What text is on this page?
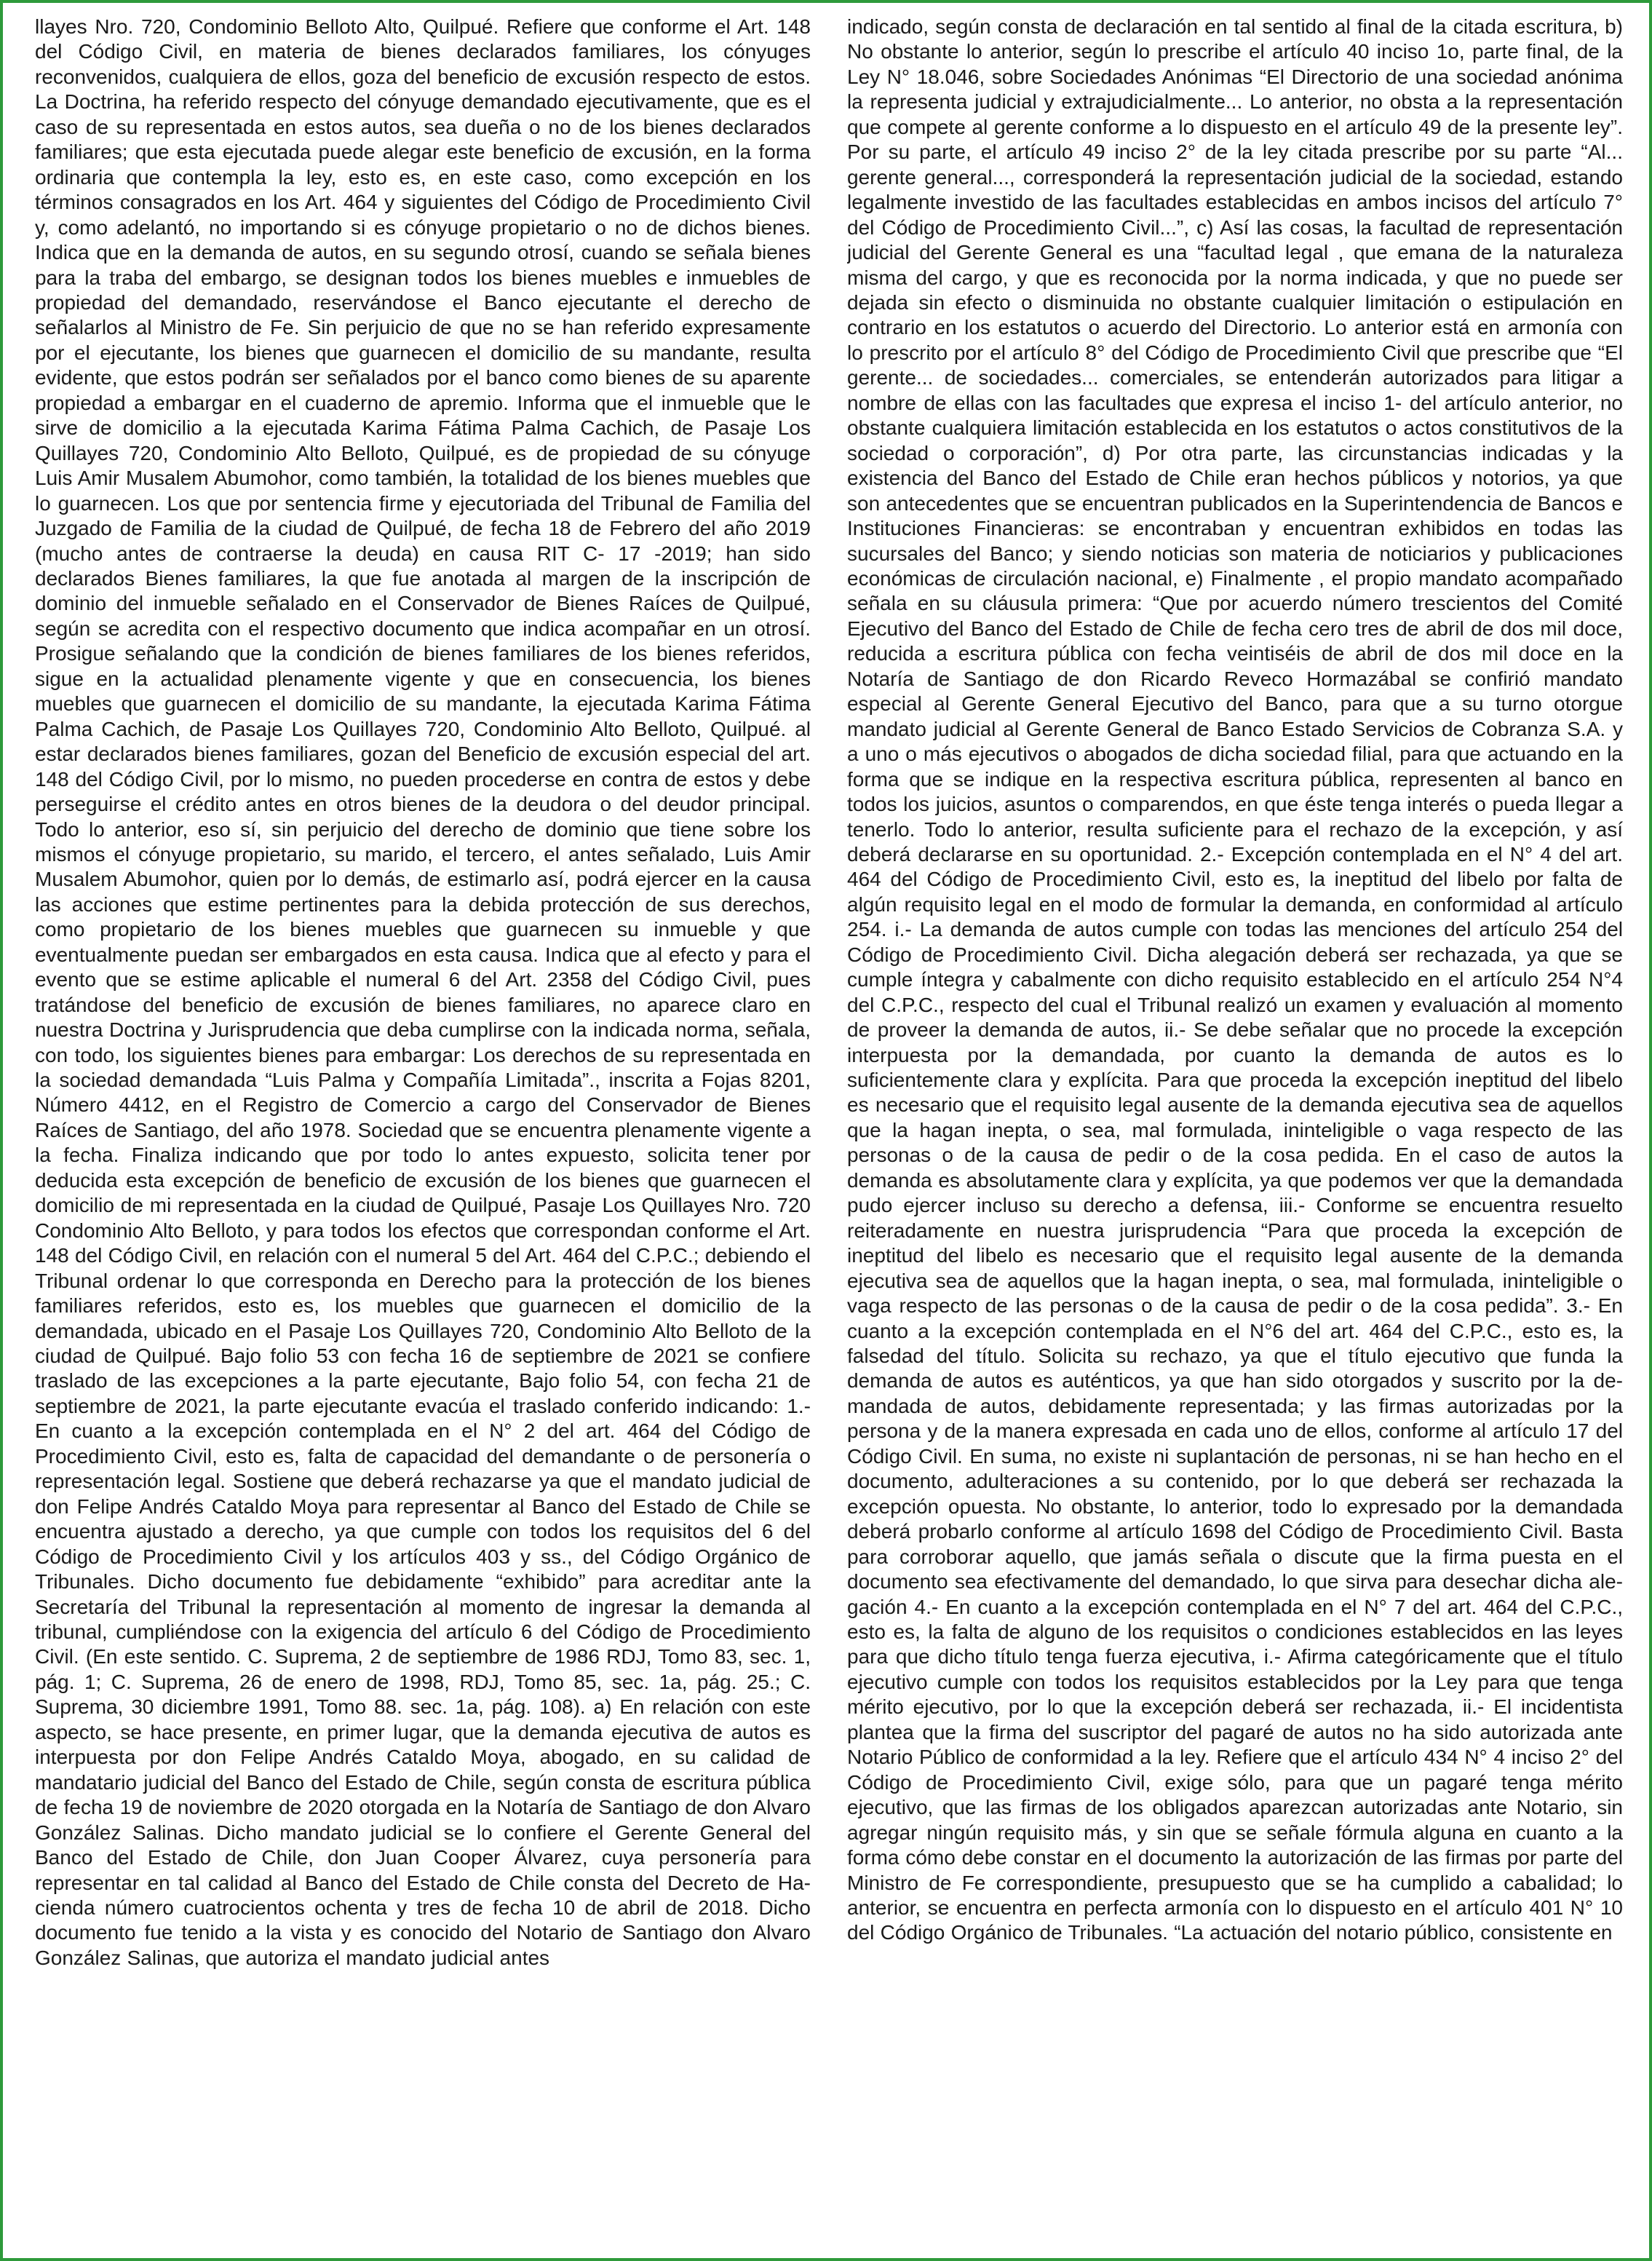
llayes Nro. 720, Condominio Belloto Alto, Quilpué. Refiere que conforme el Art. 148 del Código Civil, en materia de bienes declarados familiares, los cónyuges reconvenidos, cualquiera de ellos, goza del beneficio de excusión respecto de estos. La Doctrina, ha referido respecto del cónyuge demandado ejecutivamente, que es el caso de su representada en estos autos, sea dueña o no de los bienes declarados familiares; que esta ejecutada puede alegar este beneficio de excusión, en la forma ordinaria que contempla la ley, esto es, en este caso, como excepción en los términos consagrados en los Art. 464 y siguientes del Código de Procedimiento Civil y, como adelantó, no importando si es cónyuge propietario o no de dichos bienes. Indica que en la demanda de autos, en su segundo otrosí, cuando se señala bienes para la traba del embargo, se designan todos los bienes muebles e inmuebles de propiedad del demandado, reservándose el Banco ejecutante el derecho de señalarlos al Ministro de Fe. Sin perjuicio de que no se han referido expresamente por el ejecutante, los bienes que guarnecen el domicilio de su mandante, resulta evidente, que estos podrán ser señalados por el banco como bienes de su aparente propiedad a embargar en el cuaderno de apremio. Informa que el inmueble que le sirve de domicilio a la ejecutada Karima Fátima Palma Cachich, de Pasaje Los Quillayes 720, Condominio Alto Belloto, Quilpué, es de propiedad de su cónyuge Luis Amir Musalem Abumohor, como también, la totalidad de los bienes muebles que lo guarnecen. Los que por sentencia firme y ejecutoriada del Tribunal de Familia del Juzgado de Familia de la ciudad de Quilpué, de fecha 18 de Febrero del año 2019 (mucho antes de contraerse la deuda) en causa RIT C- 17 -2019; han sido declarados Bienes familiares, la que fue anotada al margen de la inscripción de dominio del inmueble señalado en el Conservador de Bienes Raíces de Quilpué, según se acredita con el respectivo documento que indica acompañar en un otrosí. Prosigue señalando que la condición de bienes familiares de los bienes referidos, sigue en la actualidad plenamente vigente y que en consecuencia, los bienes muebles que guarnecen el domicilio de su mandante, la ejecutada Karima Fátima Palma Cachich, de Pasaje Los Quillayes 720, Condominio Alto Belloto, Quilpué. al estar declarados bienes familiares, gozan del Beneficio de excusión especial del art. 148 del Código Civil, por lo mismo, no pueden procederse en contra de estos y debe perseguirse el crédito antes en otros bienes de la deudora o del deudor principal. Todo lo anterior, eso sí, sin perjuicio del derecho de dominio que tiene sobre los mismos el cónyuge propietario, su marido, el tercero, el antes señalado, Luis Amir Musalem Abumohor, quien por lo demás, de estimarlo así, podrá ejercer en la causa las acciones que estime pertinentes para la debida protección de sus derechos, como propietario de los bienes muebles que guarnecen su inmueble y que eventualmente puedan ser embargados en esta causa. Indica que al efecto y para el evento que se estime aplicable el numeral 6 del Art. 2358 del Código Civil, pues tratándose del beneficio de excusión de bienes familiares, no aparece claro en nuestra Doctrina y Jurisprudencia que deba cumplirse con la indicada norma, señala, con todo, los siguientes bienes para embargar: Los derechos de su representada en la sociedad demandada “Luis Palma y Compañía Limitada”., inscrita a Fojas 8201, Número 4412, en el Registro de Comercio a cargo del Conservador de Bienes Raíces de Santiago, del año 1978. Sociedad que se encuentra plenamente vigente a la fecha. Finaliza indicando que por todo lo antes expuesto, solicita tener por deducida esta excepción de beneficio de excusión de los bienes que guarnecen el domicilio de mi representada en la ciudad de Quilpué, Pasaje Los Quillayes Nro. 720 Condominio Alto Belloto, y para todos los efectos que correspondan conforme el Art. 148 del Código Civil, en relación con el numeral 5 del Art. 464 del C.P.C.; debiendo el Tribunal ordenar lo que corresponda en Derecho para la protección de los bienes familiares referidos, esto es, los muebles que guarnecen el domicilio de la demandada, ubicado en el Pasaje Los Quillayes 720, Condominio Alto Belloto de la ciudad de Quilpué. Bajo folio 53 con fecha 16 de septiembre de 2021 se confiere traslado de las excepciones a la parte ejecutante, Bajo folio 54, con fecha 21 de septiembre de 2021, la parte ejecutante evacúa el traslado conferido indicando: 1.- En cuanto a la excepción contemplada en el N° 2 del art. 464 del Código de Procedimiento Civil, esto es, falta de capacidad del demandante o de personería o representación legal. Sostiene que deberá rechazarse ya que el mandato judicial de don Felipe Andrés Cataldo Moya para representar al Banco del Estado de Chile se encuentra ajustado a derecho, ya que cumple con todos los requisitos del 6 del Código de Procedimiento Civil y los artículos 403 y ss., del Código Orgánico de Tribunales. Dicho documento fue debidamente “exhibido” para acreditar ante la Secretaría del Tribunal la representación al momento de ingresar la demanda al tribunal, cumpliéndose con la exigencia del artículo 6 del Código de Procedimiento Civil. (En este sentido. C. Suprema, 2 de septiembre de 1986 RDJ, Tomo 83, sec. 1, pág. 1; C. Suprema, 26 de enero de 1998, RDJ, Tomo 85, sec. 1a, pág. 25.; C. Suprema, 30 diciembre 1991, Tomo 88. sec. 1a, pág. 108). a) En relación con este aspecto, se hace presente, en primer lugar, que la demanda ejecutiva de autos es interpuesta por don Felipe Andrés Cataldo Moya, abogado, en su calidad de mandatario judicial del Banco del Estado de Chile, según consta de escritura pública de fecha 19 de noviembre de 2020 otorgada en la Notaría de Santiago de don Alvaro González Salinas. Dicho mandato judicial se lo confiere el Gerente General del Banco del Estado de Chile, don Juan Cooper Álvarez, cuya personería para representar en tal calidad al Banco del Estado de Chile consta del Decreto de Hacienda número cuatrocientos ochenta y tres de fecha 10 de abril de 2018. Dicho documento fue tenido a la vista y es conocido del Notario de Santiago don Alvaro González Salinas, que autoriza el mandato judicial antes

indicado, según consta de declaración en tal sentido al final de la citada escritura, b) No obstante lo anterior, según lo prescribe el artículo 40 inciso 1o, parte final, de la Ley N° 18.046, sobre Sociedades Anónimas “El Directorio de una sociedad anónima la representa judicial y extrajudicialmente... Lo anterior, no obsta a la representación que compete al gerente conforme a lo dispuesto en el artículo 49 de la presente ley”. Por su parte, el artículo 49 inciso 2° de la ley citada prescribe por su parte “Al... gerente general..., corresponderá la representación judicial de la sociedad, estando legalmente investido de las facultades establecidas en ambos incisos del artículo 7° del Código de Procedimiento Civil...”, c) Así las cosas, la facultad de representación judicial del Gerente General es una “facultad legal , que emana de la naturaleza misma del cargo, y que es reconocida por la norma indicada, y que no puede ser dejada sin efecto o disminuida no obstante cualquier limitación o estipulación en contrario en los estatutos o acuerdo del Directorio. Lo anterior está en armonía con lo prescrito por el artículo 8° del Código de Procedimiento Civil que prescribe que “El gerente... de sociedades... comerciales, se entenderán autorizados para litigar a nombre de ellas con las facultades que expresa el inciso 1- del artículo anterior, no obstante cualquiera limitación establecida en los estatutos o actos constitutivos de la sociedad o corporación”, d) Por otra parte, las circunstancias indicadas y la existencia del Banco del Estado de Chile eran hechos públicos y notorios, ya que son antecedentes que se encuentran publicados en la Superintendencia de Bancos e Instituciones Financieras: se encontraban y encuentran exhibidos en todas las sucursales del Banco; y siendo noticias son materia de noticiarios y publicaciones económicas de circulación nacional, e) Finalmente , el propio mandato acompañado señala en su cláusula primera: “Que por acuerdo número trescientos del Comité Ejecutivo del Banco del Estado de Chile de fecha cero tres de abril de dos mil doce, reducida a escritura pública con fecha veintiséis de abril de dos mil doce en la Notaría de Santiago de don Ricardo Reveco Hormazábal se confirió mandato especial al Gerente General Ejecutivo del Banco, para que a su turno otorgue mandato judicial al Gerente General de Banco Estado Servicios de Cobranza S.A. y a uno o más ejecutivos o abogados de dicha sociedad filial, para que actuando en la forma que se indique en la respectiva escritura pública, representen al banco en todos los juicios, asuntos o comparendos, en que éste tenga interés o pueda llegar a tenerlo. Todo lo anterior, resulta suficiente para el rechazo de la excepción, y así deberá declararse en su oportunidad. 2.- Excepción contemplada en el N° 4 del art. 464 del Código de Procedimiento Civil, esto es, la ineptitud del libelo por falta de algún requisito legal en el modo de formular la demanda, en conformidad al artículo 254. i.- La demanda de autos cumple con todas las menciones del artículo 254 del Código de Procedimiento Civil. Dicha alegación deberá ser rechazada, ya que se cumple íntegra y cabalmente con dicho requisito establecido en el artículo 254 N°4 del C.P.C., respecto del cual el Tribunal realizó un examen y evaluación al momento de proveer la demanda de autos, ii.- Se debe señalar que no procede la excepción interpuesta por la demandada, por cuanto la demanda de autos es lo suficientemente clara y explícita. Para que proceda la excepción ineptitud del libelo es necesario que el requisito legal ausente de la demanda ejecutiva sea de aquellos que la hagan inepta, o sea, mal formulada, ininteligible o vaga respecto de las personas o de la causa de pedir o de la cosa pedida. En el caso de autos la demanda es absolutamente clara y explícita, ya que podemos ver que la demandada pudo ejercer incluso su derecho a defensa, iii.- Conforme se encuentra resuelto reiteradamente en nuestra jurisprudencia “Para que proceda la excepción de ineptitud del libelo es necesario que el requisito legal ausente de la demanda ejecutiva sea de aquellos que la hagan inepta, o sea, mal formulada, ininteligible o vaga respecto de las personas o de la causa de pedir o de la cosa pedida”. 3.- En cuanto a la excepción contemplada en el N°6 del art. 464 del C.P.C., esto es, la falsedad del título. Solicita su rechazo, ya que el título ejecutivo que funda la demanda de autos es auténticos, ya que han sido otorgados y suscrito por la demandada de autos, debidamente representada; y las firmas autorizadas por la persona y de la manera expresada en cada uno de ellos, conforme al artículo 17 del Código Civil. En suma, no existe ni suplantación de personas, ni se han hecho en el documento, adulteraciones a su contenido, por lo que deberá ser rechazada la excepción opuesta. No obstante, lo anterior, todo lo expresado por la demandada deberá probarlo conforme al artículo 1698 del Código de Procedimiento Civil. Basta para corroborar aquello, que jamás señala o discute que la firma puesta en el documento sea efectivamente del demandado, lo que sirva para desechar dicha alegación 4.- En cuanto a la excepción contemplada en el N° 7 del art. 464 del C.P.C., esto es, la falta de alguno de los requisitos o condiciones establecidos en las leyes para que dicho título tenga fuerza ejecutiva, i.- Afirma categóricamente que el título ejecutivo cumple con todos los requisitos establecidos por la Ley para que tenga mérito ejecutivo, por lo que la excepción deberá ser rechazada, ii.- El incidentista plantea que la firma del suscriptor del pagaré de autos no ha sido autorizada ante Notario Público de conformidad a la ley. Refiere que el artículo 434 N° 4 inciso 2° del Código de Procedimiento Civil, exige sólo, para que un pagaré tenga mérito ejecutivo, que las firmas de los obligados aparezcan autorizadas ante Notario, sin agregar ningún requisito más, y sin que se señale fórmula alguna en cuanto a la forma cómo debe constar en el documento la autorización de las firmas por parte del Ministro de Fe correspondiente, presupuesto que se ha cumplido a cabalidad; lo anterior, se encuentra en perfecta armonía con lo dispuesto en el artículo 401 N° 10 del Código Orgánico de Tribunales. “La actuación del notario público, consistente en
